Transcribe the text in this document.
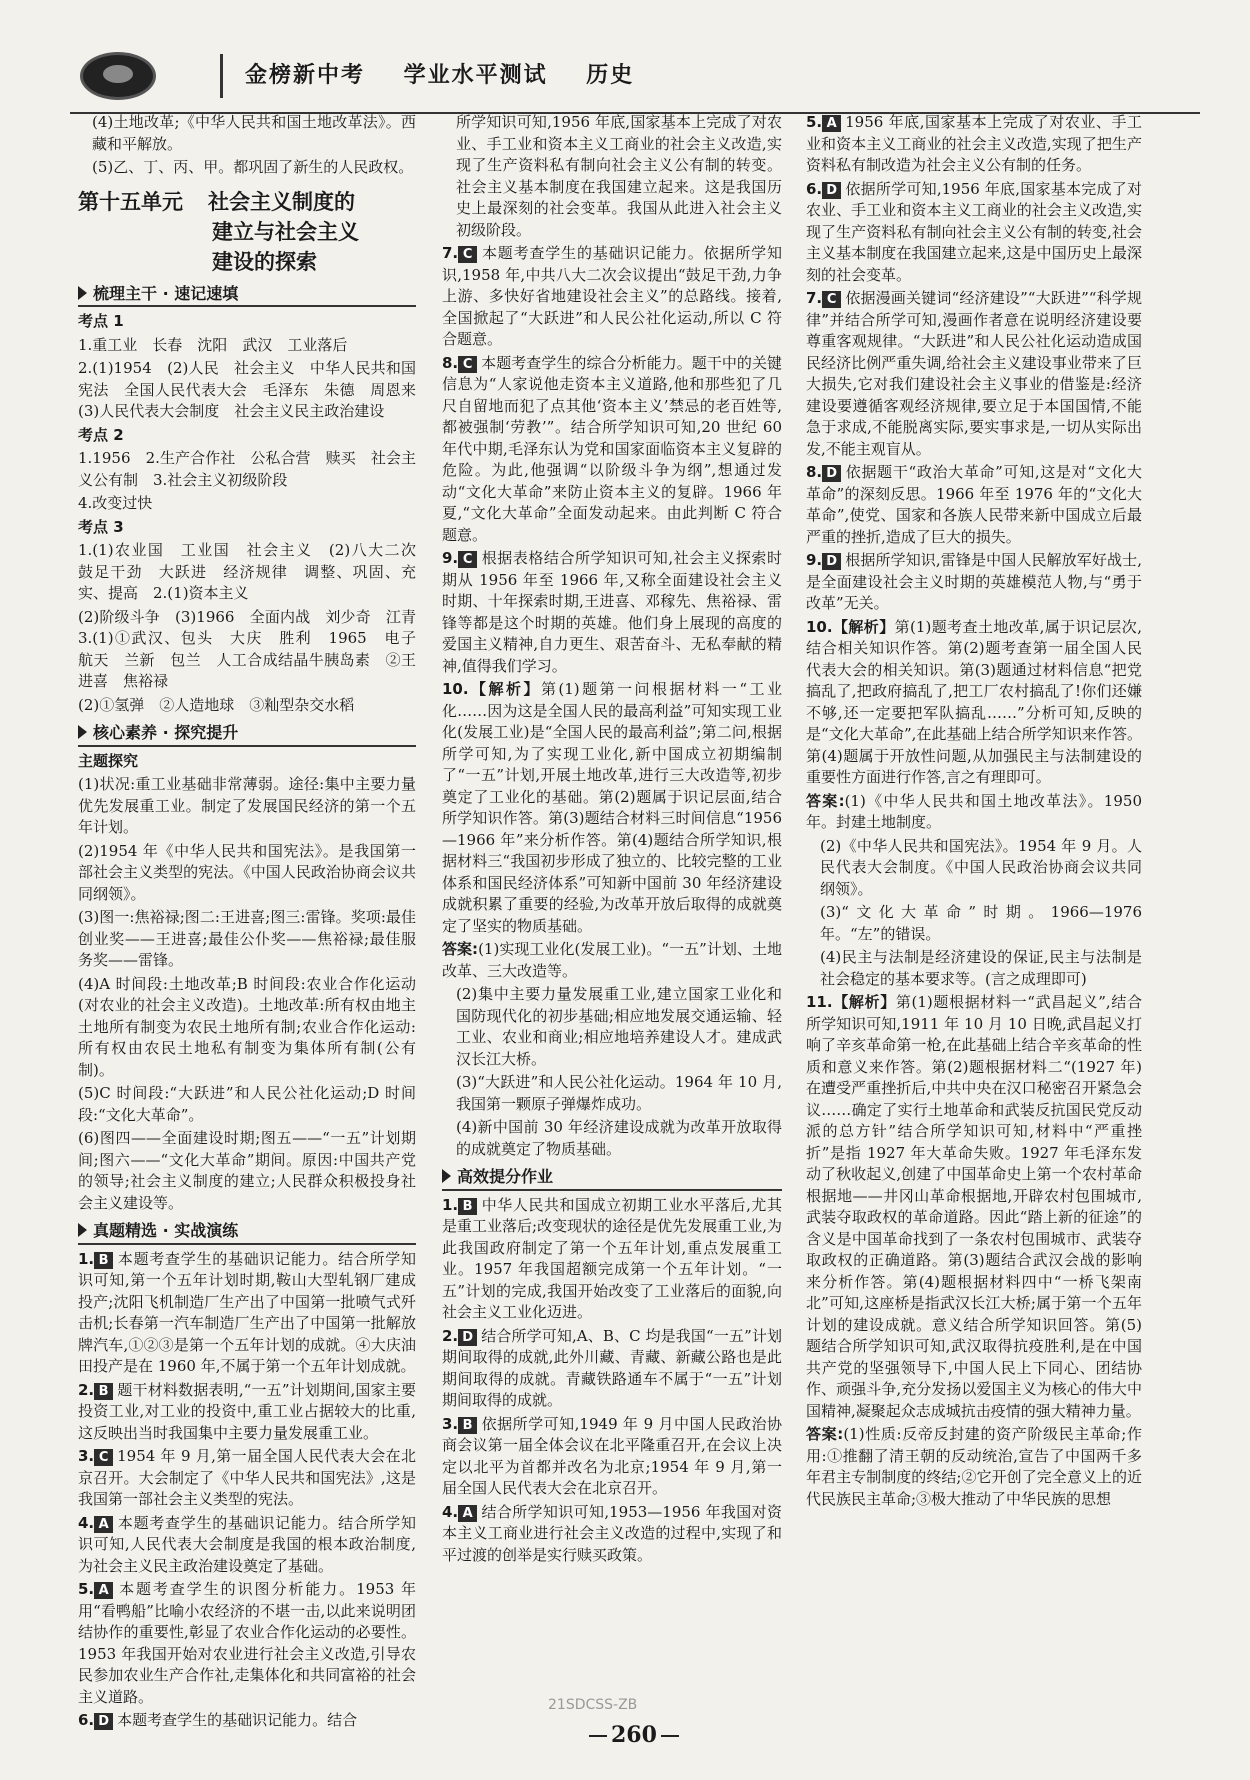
金榜新中考    学业水平测试    历史

(4)土地改革;《中华人民共和国土地改革法》。西藏和平解放。

(5)乙、丁、丙、甲。都巩固了新生的人民政权。

第十五单元 社会主义制度的
建立与社会主义
建设的探索
梳理主干 · 速记速填

考点 1

1.重工业　长春　沈阳　武汉　工业落后

2.(1)1954　(2)人民　社会主义　中华人民共和国宪法　全国人民代表大会　毛泽东　朱德　周恩来　(3)人民代表大会制度　社会主义民主政治建设

考点 2

1.1956　2.生产合作社　公私合营　赎买　社会主义公有制　3.社会主义初级阶段

4.改变过快

考点 3

1.(1)农业国　工业国　社会主义　(2)八大二次　鼓足干劲　大跃进　经济规律　调整、巩固、充实、提高　2.(1)资本主义

(2)阶级斗争　(3)1966　全面内战　刘少奇　江青　3.(1)①武汉、包头　大庆　胜利　1965　电子　航天　兰新　包兰　人工合成结晶牛胰岛素　②王进喜　焦裕禄

(2)①氢弹　②人造地球　③籼型杂交水稻

核心素养 · 探究提升

主题探究

(1)状况:重工业基础非常薄弱。途径:集中主要力量优先发展重工业。制定了发展国民经济的第一个五年计划。

(2)1954 年《中华人民共和国宪法》。是我国第一部社会主义类型的宪法。《中国人民政治协商会议共同纲领》。

(3)图一:焦裕禄;图二:王进喜;图三:雷锋。奖项:最佳创业奖——王进喜;最佳公仆奖——焦裕禄;最佳服务奖——雷锋。

(4)A 时间段:土地改革;B 时间段:农业合作化运动(对农业的社会主义改造)。土地改革:所有权由地主土地所有制变为农民土地所有制;农业合作化运动:所有权由农民土地私有制变为集体所有制(公有制)。

(5)C 时间段:“大跃进”和人民公社化运动;D 时间段:“文化大革命”。

(6)图四——全面建设时期;图五——“一五”计划期间;图六——“文化大革命”期间。原因:中国共产党的领导;社会主义制度的建立;人民群众积极投身社会主义建设等。

真题精选 · 实战演练

1. B 本题考查学生的基础识记能力。结合所学知识可知,第一个五年计划时期,鞍山大型轧钢厂建成投产;沈阳飞机制造厂生产出了中国第一批喷气式歼击机;长春第一汽车制造厂生产出了中国第一批解放牌汽车,①②③是第一个五年计划的成就。④大庆油田投产是在 1960 年,不属于第一个五年计划成就。

2. B 题干材料数据表明,“一五”计划期间,国家主要投资工业,对工业的投资中,重工业占据较大的比重,这反映出当时我国集中主要力量发展重工业。

3. C 1954 年 9 月,第一届全国人民代表大会在北京召开。大会制定了《中华人民共和国宪法》,这是我国第一部社会主义类型的宪法。

4. A 本题考查学生的基础识记能力。结合所学知识可知,人民代表大会制度是我国的根本政治制度,为社会主义民主政治建设奠定了基础。

5. A 本题考查学生的识图分析能力。1953 年用“看鸭船”比喻小农经济的不堪一击,以此来说明团结协作的重要性,彰显了农业合作化运动的必要性。1953 年我国开始对农业进行社会主义改造,引导农民参加农业生产合作社,走集体化和共同富裕的社会主义道路。

6. D 本题考查学生的基础识记能力。结合

所学知识可知,1956 年底,国家基本上完成了对农业、手工业和资本主义工商业的社会主义改造,实现了生产资料私有制向社会主义公有制的转变。社会主义基本制度在我国建立起来。这是我国历史上最深刻的社会变革。我国从此进入社会主义初级阶段。

7. C 本题考查学生的基础识记能力。依据所学知识,1958 年,中共八大二次会议提出“鼓足干劲,力争上游、多快好省地建设社会主义”的总路线。接着,全国掀起了“大跃进”和人民公社化运动,所以 C 符合题意。

8. C 本题考查学生的综合分析能力。题干中的关键信息为“人家说他走资本主义道路,他和那些犯了几尺自留地而犯了点其他‘资本主义’禁忌的老百姓等,都被强制‘劳教’”。结合所学知识可知,20 世纪 60 年代中期,毛泽东认为党和国家面临资本主义复辟的危险。为此,他强调“以阶级斗争为纲”,想通过发动“文化大革命”来防止资本主义的复辟。1966 年夏,“文化大革命”全面发动起来。由此判断 C 符合题意。

9. C 根据表格结合所学知识可知,社会主义探索时期从 1956 年至 1966 年,又称全面建设社会主义时期、十年探索时期,王进喜、邓稼先、焦裕禄、雷锋等都是这个时期的英雄。他们身上展现的高度的爱国主义精神,自力更生、艰苦奋斗、无私奉献的精神,值得我们学习。

10.【解析】第(1)题第一问根据材料一“工业化……因为这是全国人民的最高利益”可知实现工业化(发展工业)是“全国人民的最高利益”;第二问,根据所学可知,为了实现工业化,新中国成立初期编制了“一五”计划,开展土地改革,进行三大改造等,初步奠定了工业化的基础。第(2)题属于识记层面,结合所学知识作答。第(3)题结合材料三时间信息“1956—1966 年”来分析作答。第(4)题结合所学知识,根据材料三“我国初步形成了独立的、比较完整的工业体系和国民经济体系”可知新中国前 30 年经济建设成就积累了重要的经验,为改革开放后取得的成就奠定了坚实的物质基础。

答案:(1)实现工业化(发展工业)。“一五”计划、土地改革、三大改造等。

(2)集中主要力量发展重工业,建立国家工业化和国防现代化的初步基础;相应地发展交通运输、轻工业、农业和商业;相应地培养建设人才。建成武汉长江大桥。

(3)“大跃进”和人民公社化运动。1964 年 10 月,我国第一颗原子弹爆炸成功。

(4)新中国前 30 年经济建设成就为改革开放取得的成就奠定了物质基础。

高效提分作业

1. B 中华人民共和国成立初期工业水平落后,尤其是重工业落后;改变现状的途径是优先发展重工业,为此我国政府制定了第一个五年计划,重点发展重工业。1957 年我国超额完成第一个五年计划。“一五”计划的完成,我国开始改变了工业落后的面貌,向社会主义工业化迈进。

2. D 结合所学可知,A、B、C 均是我国“一五”计划期间取得的成就,此外川藏、青藏、新藏公路也是此期间取得的成就。青藏铁路通车不属于“一五”计划期间取得的成就。

3. B 依据所学可知,1949 年 9 月中国人民政治协商会议第一届全体会议在北平隆重召开,在会议上决定以北平为首都并改名为北京;1954 年 9 月,第一届全国人民代表大会在北京召开。

4. A 结合所学知识可知,1953—1956 年我国对资本主义工商业进行社会主义改造的过程中,实现了和平过渡的创举是实行赎买政策。

5. A 1956 年底,国家基本上完成了对农业、手工业和资本主义工商业的社会主义改造,实现了把生产资料私有制改造为社会主义公有制的任务。

6. D 依据所学可知,1956 年底,国家基本完成了对农业、手工业和资本主义工商业的社会主义改造,实现了生产资料私有制向社会主义公有制的转变,社会主义基本制度在我国建立起来,这是中国历史上最深刻的社会变革。

7. C 依据漫画关键词“经济建设”“大跃进”“科学规律”并结合所学可知,漫画作者意在说明经济建设要尊重客观规律。“大跃进”和人民公社化运动造成国民经济比例严重失调,给社会主义建设事业带来了巨大损失,它对我们建设社会主义事业的借鉴是:经济建设要遵循客观经济规律,要立足于本国国情,不能急于求成,不能脱离实际,要实事求是,一切从实际出发,不能主观盲从。

8. D 依据题干“政治大革命”可知,这是对“文化大革命”的深刻反思。1966 年至 1976 年的“文化大革命”,使党、国家和各族人民带来新中国成立后最严重的挫折,造成了巨大的损失。

9. D 根据所学知识,雷锋是中国人民解放军好战士,是全面建设社会主义时期的英雄模范人物,与“勇于改革”无关。

10.【解析】第(1)题考查土地改革,属于识记层次,结合相关知识作答。第(2)题考查第一届全国人民代表大会的相关知识。第(3)题通过材料信息“把党搞乱了,把政府搞乱了,把工厂农村搞乱了!你们还嫌不够,还一定要把军队搞乱……”分析可知,反映的是“文化大革命”,在此基础上结合所学知识来作答。第(4)题属于开放性问题,从加强民主与法制建设的重要性方面进行作答,言之有理即可。

答案:(1)《中华人民共和国土地改革法》。1950 年。封建土地制度。

(2)《中华人民共和国宪法》。1954 年 9 月。人民代表大会制度。《中国人民政治协商会议共同纲领》。

(3)“文化大革命”时期。1966—1976 年。“左”的错误。

(4)民主与法制是经济建设的保证,民主与法制是社会稳定的基本要求等。(言之成理即可)

11.【解析】第(1)题根据材料一“武昌起义”,结合所学知识可知,1911 年 10 月 10 日晚,武昌起义打响了辛亥革命第一枪,在此基础上结合辛亥革命的性质和意义来作答。第(2)题根据材料二“(1927 年)在遭受严重挫折后,中共中央在汉口秘密召开紧急会议……确定了实行土地革命和武装反抗国民党反动派的总方针”结合所学知识可知,材料中“严重挫折”是指 1927 年大革命失败。1927 年毛泽东发动了秋收起义,创建了中国革命史上第一个农村革命根据地——井冈山革命根据地,开辟农村包围城市,武装夺取政权的革命道路。因此“踏上新的征途”的含义是中国革命找到了一条农村包围城市、武装夺取政权的正确道路。第(3)题结合武汉会战的影响来分析作答。第(4)题根据材料四中“一桥飞架南北”可知,这座桥是指武汉长江大桥;属于第一个五年计划的建设成就。意义结合所学知识回答。第(5)题结合所学知识可知,武汉取得抗疫胜利,是在中国共产党的坚强领导下,中国人民上下同心、团结协作、顽强斗争,充分发扬以爱国主义为核心的伟大中国精神,凝聚起众志成城抗击疫情的强大精神力量。

答案:(1)性质:反帝反封建的资产阶级民主革命;作用:①推翻了清王朝的反动统治,宣告了中国两千多年君主专制制度的终结;②它开创了完全意义上的近代民族民主革命;③极大推动了中华民族的思想

21SDCSS-ZB
260
